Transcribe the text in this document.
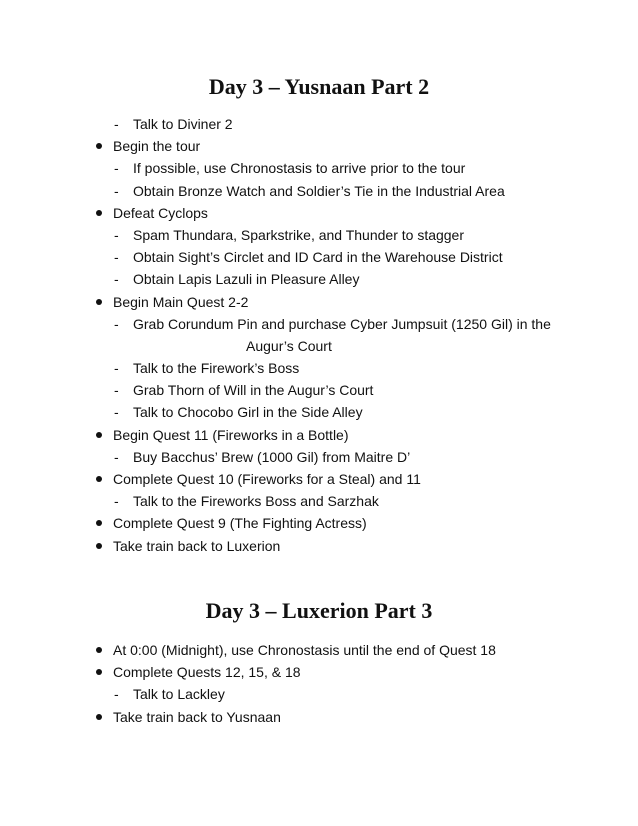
Day 3 – Yusnaan Part 2
-	Talk to Diviner 2
Begin the tour
-	If possible, use Chronostasis to arrive prior to the tour
-	Obtain Bronze Watch and Soldier’s Tie in the Industrial Area
Defeat Cyclops
-	Spam Thundara, Sparkstrike, and Thunder to stagger
-	Obtain Sight’s Circlet and ID Card in the Warehouse District
-	Obtain Lapis Lazuli in Pleasure Alley
Begin Main Quest 2-2
-	Grab Corundum Pin and purchase Cyber Jumpsuit (1250 Gil) in the
Augur’s Court
-	Talk to the Firework’s Boss
-	Grab Thorn of Will in the Augur’s Court
-	Talk to Chocobo Girl in the Side Alley
Begin Quest 11 (Fireworks in a Bottle)
-	Buy Bacchus’ Brew (1000 Gil) from Maitre D’
Complete Quest 10 (Fireworks for a Steal) and 11
-	Talk to the Fireworks Boss and Sarzhak
Complete Quest 9 (The Fighting Actress)
Take train back to Luxerion
Day 3 – Luxerion Part 3
At 0:00 (Midnight), use Chronostasis until the end of Quest 18
Complete Quests 12, 15, & 18
-	Talk to Lackley
Take train back to Yusnaan
